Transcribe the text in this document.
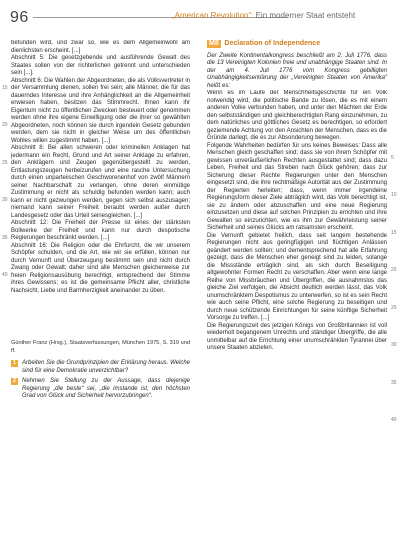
96	„American Revolution“: Ein moderner Staat entsteht

befunden wird, und zwar so, wie es dem Allgemeinwohl am dienlichsten erscheint. [...]

Abschnitt 5: Die gesetzgebende und ausführende Gewalt des Staates sollen von der richterlichen getrennt und unterschieden sein [...].

Abschnitt 6: Die Wahlen der Abgeordneten, die als Volksvertreter in der Versammlung dienen, sollen frei sein; alle Männer, die für das dauerndes Interesse und ihre Anhänglichkeit an die Allgemeinheit erwiesen haben, besitzen das Stimmrecht. Ihnen kann ihr Eigentum nicht zu öffentlichen Zwecken besteuert oder genommen werden ohne ihre eigene Einwilligung oder die ihrer so gewählten Abgeordneten, noch können sie durch irgendein Gesetz gebunden werden, dem sie nicht in gleicher Weise um des öffentlichen Wohles willen zugestimmt haben. [...]

Abschnitt 8: Bei allen schweren oder kriminellen Anklagen hat jedermann ein Recht, Grund und Art seiner Anklage zu erfahren, den Anklägern und Zeugen gegenübergestellt zu werden, Entlastungszeugen herbeizurufen und eine rasche Untersuchung durch einen unparteiischen Geschworenenhof von zwölf Männern seiner Nachbarschaft zu verlangen, ohne deren einmütige Zustimmung er nicht als schuldig befunden werden kann; auch kann er nicht gezwungen werden, gegen sich selbst auszusagen; niemand kann seiner Freiheit beraubt werden außer durch Landesgesetz oder das Urteil seinesgleichen. [...]

Abschnitt 12: Die Freiheit der Presse ist eines der stärksten Bollwerke der Freiheit und kann nur durch despotische Regierungen beschränkt werden. [...]

Abschnitt 16: Die Religion oder die Ehrfurcht, die wir unserem Schöpfer schulden, und die Art, wie wir sie erfüllen, können nur durch Vernunft und Überzeugung bestimmt sein und nicht durch Zwang oder Gewalt; daher sind alle Menschen gleicherweise zur freien Religionsausübung berechtigt, entsprechend der Stimme ihres Gewissens; es ist die gemeinsame Pflicht aller, christliche Nachsicht, Liebe und Barmherzigkeit aneinander zu üben.

Günther Franz (Hrsg.), Staatsverfassungen, München 1975, S. 319 und ff.

1 Arbeiten Sie die Grundprinzipien der Erklärung heraus. Welche sind für eine Demokratie unverzichtbar?
2 Nehmen Sie Stellung zu der Aussage, dass diejenige Regierung „die beste“ sei, „die imstande ist, den höchsten Grad von Glück und Sicherheit hervorzubringen“.
15
20
25
30
35
40
M8 Declaration of Independence

Der Zweite Kontinentalkongress beschließt am 2. Juli 1776, dass die 13 Vereinigten Kolonien freie und unabhängige Staaten sind. In der am 4. Juli 1776 vom Kongress gebilligten Unabhängigkeitserklärung der „Vereinigten Staaten von Amerika“ heißt es:

Wenn es im Laufe der Menschheitsgeschichte für ein Volk notwendig wird, die politische Bande zu lösen, die es mit einem anderen Volke verbunden haben, und unter den Mächten der Erde den selbstständigen und gleichberechtigten Rang einzunehmen, zu dem natürliches und göttliches Gesetz es berechtigen, so erfordert geziemende Achtung vor den Ansichten der Menschen, dass es die Gründe darlegt, die es zur Absonderung bewegen.

Folgende Wahrheiten bedürfen für uns keines Beweises: Dass alle Menschen gleich geschaffen sind; dass sie von ihrem Schöpfer mit gewissen unveräußerlichen Rechten ausgestattet sind; dass dazu Leben, Freiheit und das Streben nach Glück gehören; dass zur Sicherung dieser Rechte Regierungen unter den Menschen eingesetzt sind, die ihre rechtmäßige Autorität aus der Zustimmung der Regierten herleiten; dass, wenn immer irgendeine Regierungsform dieser Ziele abträglich wird, das Volk berechtigt ist, sie zu ändern oder abzuschaffen und eine neue Regierung einzusetzen und diese auf solchen Prinzipien zu errichten und ihre Gewalten so einzurichten, wie es ihm zur Gewährleistung seiner Sicherheit und seines Glücks am ratsamsten erscheint.

Die Vernunft gebietet freilich, dass seit langem bestehende Regierungen nicht aus geringfügigen und flüchtigen Anlässen geändert werden sollten; und dementsprechend hat alle Erfahrung gezeigt, dass die Menschen eher geneigt sind zu leiden, solange die Missstände erträglich sind, als sich durch Beseitigung altgewohnter Formen Recht zu verschaffen. Aber wenn eine lange Reihe von Missbräuchen und Übergriffen, die ausnahmslos das gleiche Ziel verfolgen, die Absicht deutlich werden lässt, das Volk unumschränktem Despotismus zu unterwerfen, so ist es sein Recht wie auch seine Pflicht, eine solche Regierung zu beseitigen und durch neue schützende Einrichtungen für seine künftige Sicherheit Vorsorge zu treffen. [...]

Die Regierungszeit des jetzigen Königs von Großbritannien ist voll wiederholt begangenem Unrechts und ständiger Übergriffe, die alle unmittelbar auf die Errichtung einer unumschränkten Tyrannei über unsere Staaten abzielen.

5
10
15
20
25
30
35
40
